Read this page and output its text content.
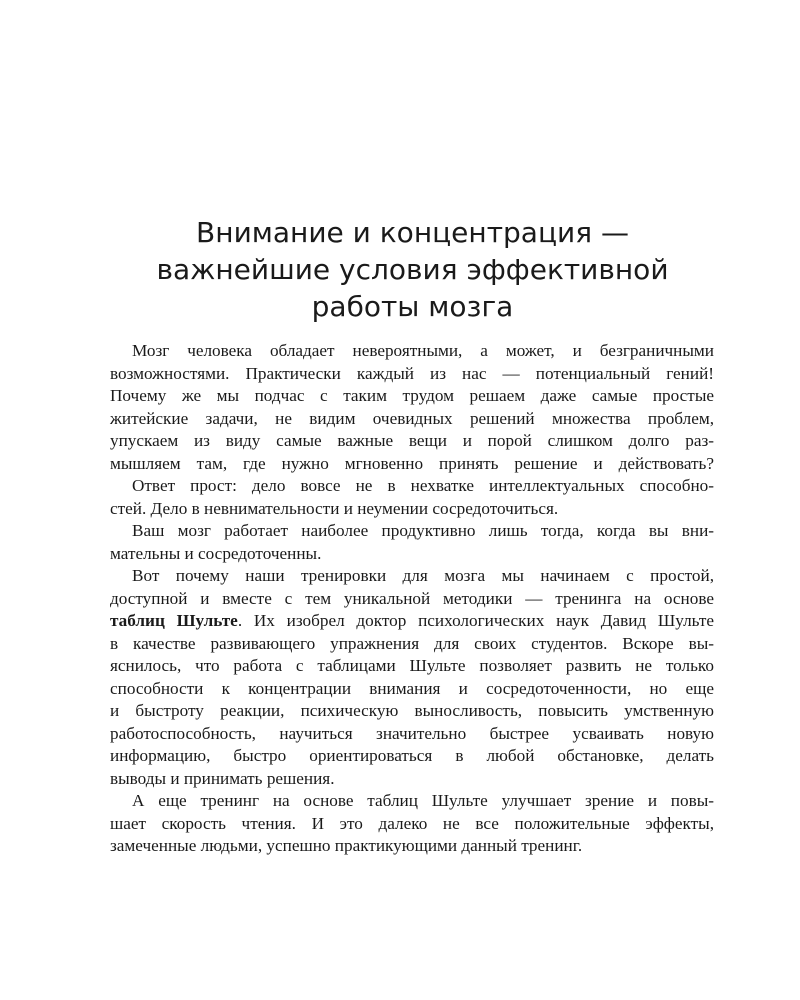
Внимание и концентрация —
важнейшие условия эффективной
работы мозга

Мозг человека обладает невероятными, а может, и безграничными
возможностями. Практически каждый из нас — потенциальный гений!
Почему же мы подчас с таким трудом решаем даже самые простые
житейские задачи, не видим очевидных решений множества проблем,
упускаем из виду самые важные вещи и порой слишком долго раз-
мышляем там, где нужно мгновенно принять решение и действовать?

Ответ прост: дело вовсе не в нехватке интеллектуальных способно-
стей. Дело в невнимательности и неумении сосредоточиться.

Ваш мозг работает наиболее продуктивно лишь тогда, когда вы вни-
мательны и сосредоточенны.

Вот почему наши тренировки для мозга мы начинаем с простой,
доступной и вместе с тем уникальной методики — тренинга на основе
таблиц Шульте. Их изобрел доктор психологических наук Давид Шульте
в качестве развивающего упражнения для своих студентов. Вскоре вы-
яснилось, что работа с таблицами Шульте позволяет развить не только
способности к концентрации внимания и сосредоточенности, но еще
и быстроту реакции, психическую выносливость, повысить умственную
работоспособность, научиться значительно быстрее усваивать новую
информацию, быстро ориентироваться в любой обстановке, делать
выводы и принимать решения.

А еще тренинг на основе таблиц Шульте улучшает зрение и повы-
шает скорость чтения. И это далеко не все положительные эффекты,
замеченные людьми, успешно практикующими данный тренинг.
